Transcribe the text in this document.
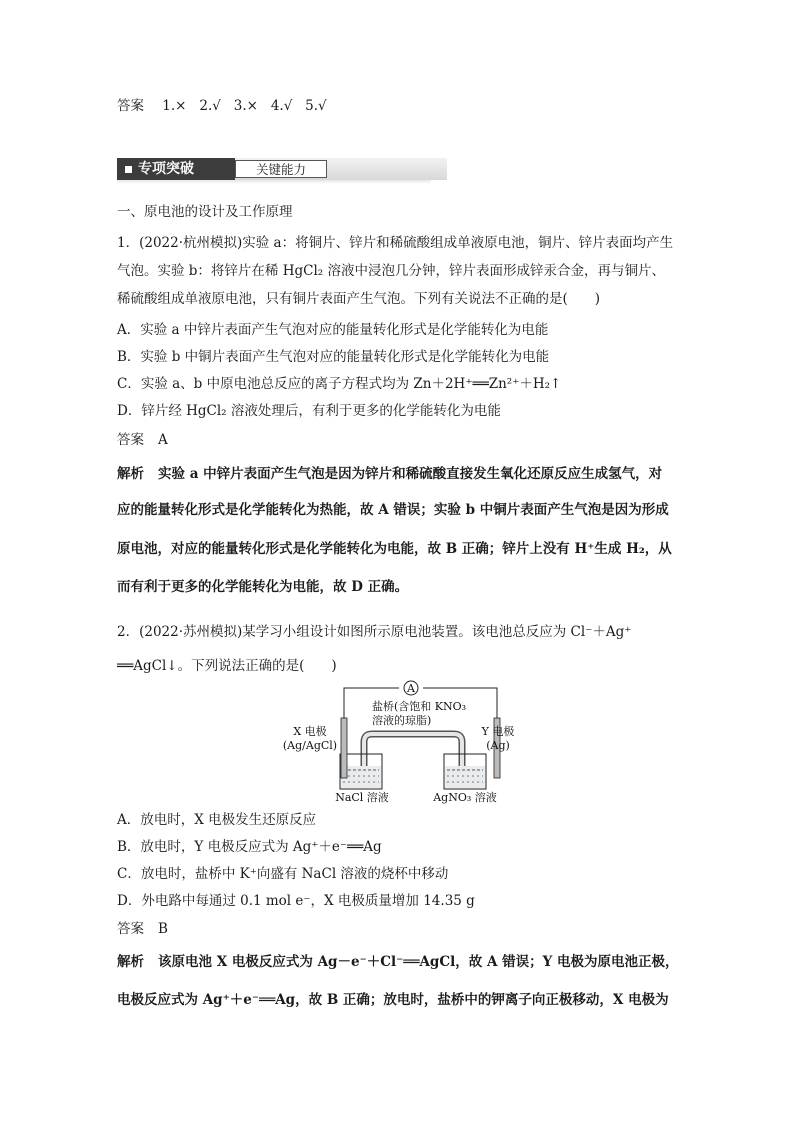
答案 1.× 2.√ 3.× 4.√ 5.√
专项突破	关键能力
一、原电池的设计及工作原理
1．(2022·杭州模拟)实验 a：将铜片、锌片和稀硫酸组成单液原电池，铜片、锌片表面均产生
气泡。实验 b：将锌片在稀 HgCl₂ 溶液中浸泡几分钟，锌片表面形成锌汞合金，再与铜片、
稀硫酸组成单液原电池，只有铜片表面产生气泡。下列有关说法不正确的是(　　)
A．实验 a 中锌片表面产生气泡对应的能量转化形式是化学能转化为电能
B．实验 b 中铜片表面产生气泡对应的能量转化形式是化学能转化为电能
C．实验 a、b 中原电池总反应的离子方程式均为 Zn＋2H⁺══Zn²⁺＋H₂↑
D．锌片经 HgCl₂ 溶液处理后，有利于更多的化学能转化为电能
答案 A
解析 实验 a 中锌片表面产生气泡是因为锌片和稀硫酸直接发生氧化还原反应生成氢气，对
应的能量转化形式是化学能转化为热能，故 A 错误；实验 b 中铜片表面产生气泡是因为形成
原电池，对应的能量转化形式是化学能转化为电能，故 B 正确；锌片上没有 H⁺生成 H₂，从
而有利于更多的化学能转化为电能，故 D 正确。
2．(2022·苏州模拟)某学习小组设计如图所示原电池装置。该电池总反应为 Cl⁻＋Ag⁺
══AgCl↓。下列说法正确的是(　　)
A
盐桥(含饱和 KNO₃
溶液的琼脂)
X 电极
(Ag/AgCl)
Y 电极
(Ag)
NaCl 溶液	AgNO₃ 溶液
A．放电时，X 电极发生还原反应
B．放电时，Y 电极反应式为 Ag⁺＋e⁻══Ag
C．放电时，盐桥中 K⁺向盛有 NaCl 溶液的烧杯中移动
D．外电路中每通过 0.1 mol e⁻，X 电极质量增加 14.35 g
答案 B
解析 该原电池 X 电极反应式为 Ag－e⁻＋Cl⁻══AgCl，故 A 错误；Y 电极为原电池正极，
电极反应式为 Ag⁺＋e⁻══Ag，故 B 正确；放电时，盐桥中的钾离子向正极移动，X 电极为
